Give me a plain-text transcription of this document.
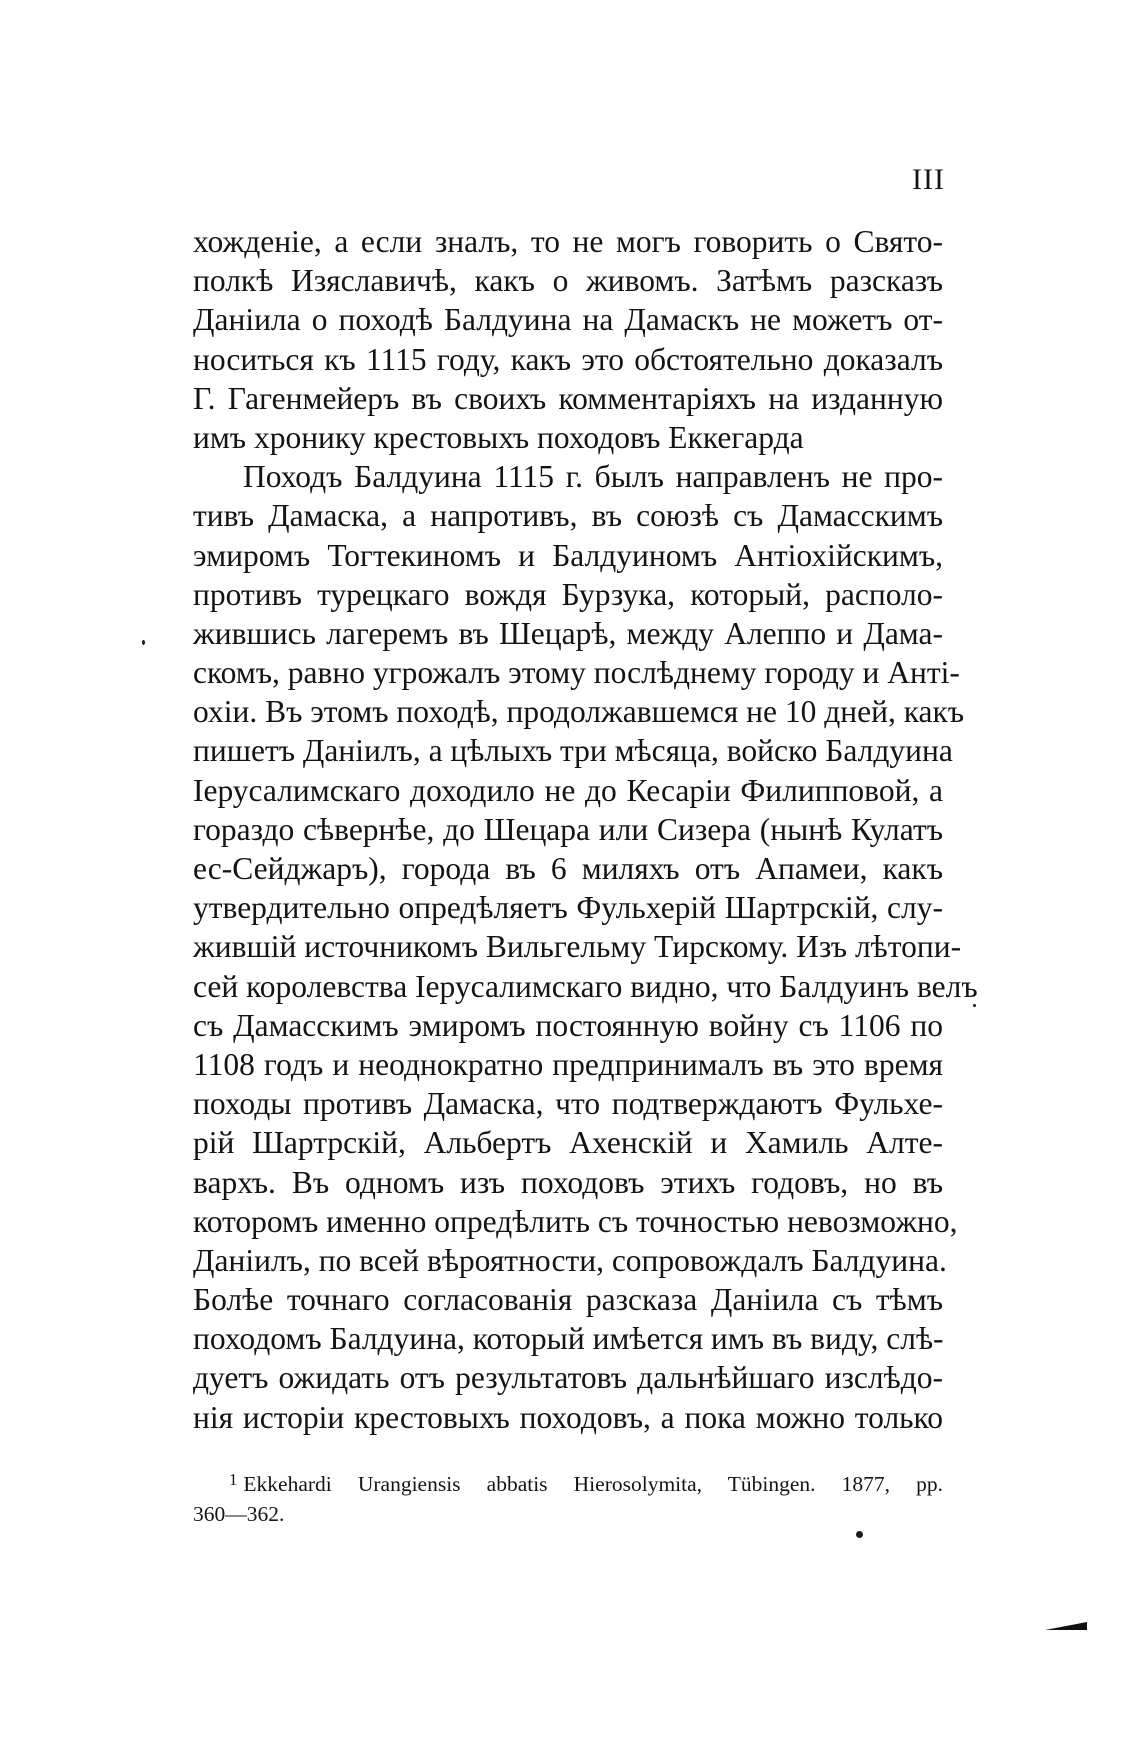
III
хожденіе, а если зналъ, то не могъ говорить о Свято-
полкѣ Изяславичѣ, какъ о живомъ. Затѣмъ разсказъ
Даніила о походѣ Балдуина на Дамаскъ не можетъ от-
носиться къ 1115 году, какъ это обстоятельно доказалъ
Г. Гагенмейеръ въ своихъ комментаріяхъ на изданную
имъ хронику крестовыхъ походовъ Еккегарда
Походъ Балдуина 1115 г. былъ направленъ не про-
тивъ Дамаска, а напротивъ, въ союзѣ съ Дамасскимъ
эмиромъ Тогтекиномъ и Балдуиномъ Антіохійскимъ,
противъ турецкаго вождя Бурзука, который, располо-
жившись лагеремъ въ Шецарѣ, между Алеппо и Дама-
скомъ, равно угрожалъ этому послѣднему городу и Анті-
охіи. Въ этомъ походѣ, продолжавшемся не 10 дней, какъ
пишетъ Даніилъ, а цѣлыхъ три мѣсяца, войско Балдуина
Іерусалимскаго доходило не до Кесаріи Филипповой, а
гораздо сѣвернѣе, до Шецара или Сизера (нынѣ Кулатъ
ес-Сейджаръ), города въ 6 миляхъ отъ Апамеи, какъ
утвердительно опредѣляетъ Фульхерій Шартрскій, слу-
жившій источникомъ Вильгельму Тирскому. Изъ лѣтопи-
сей королевства Іерусалимскаго видно, что Балдуинъ велъ
съ Дамасскимъ эмиромъ постоянную войну съ 1106 по
1108 годъ и неоднократно предпринималъ въ это время
походы противъ Дамаска, что подтверждаютъ Фульхе-
рій Шартрскій, Альбертъ Ахенскій и Хамиль Алте-
вархъ. Въ одномъ изъ походовъ этихъ годовъ, но въ
которомъ именно опредѣлить съ точностью невозможно,
Даніилъ, по всей вѣроятности, сопровождалъ Балдуина.
Болѣе точнаго согласованія разсказа Даніила съ тѣмъ
походомъ Балдуина, который имѣется имъ въ виду, слѣ-
дуетъ ожидать отъ результатовъ дальнѣйшаго изслѣдо-
нія исторіи крестовыхъ походовъ, а пока можно только
$^1$ Ekkehardi Urangiensis abbatis Hierosolymita, Tübingen. 1877, pp.
360—362.
